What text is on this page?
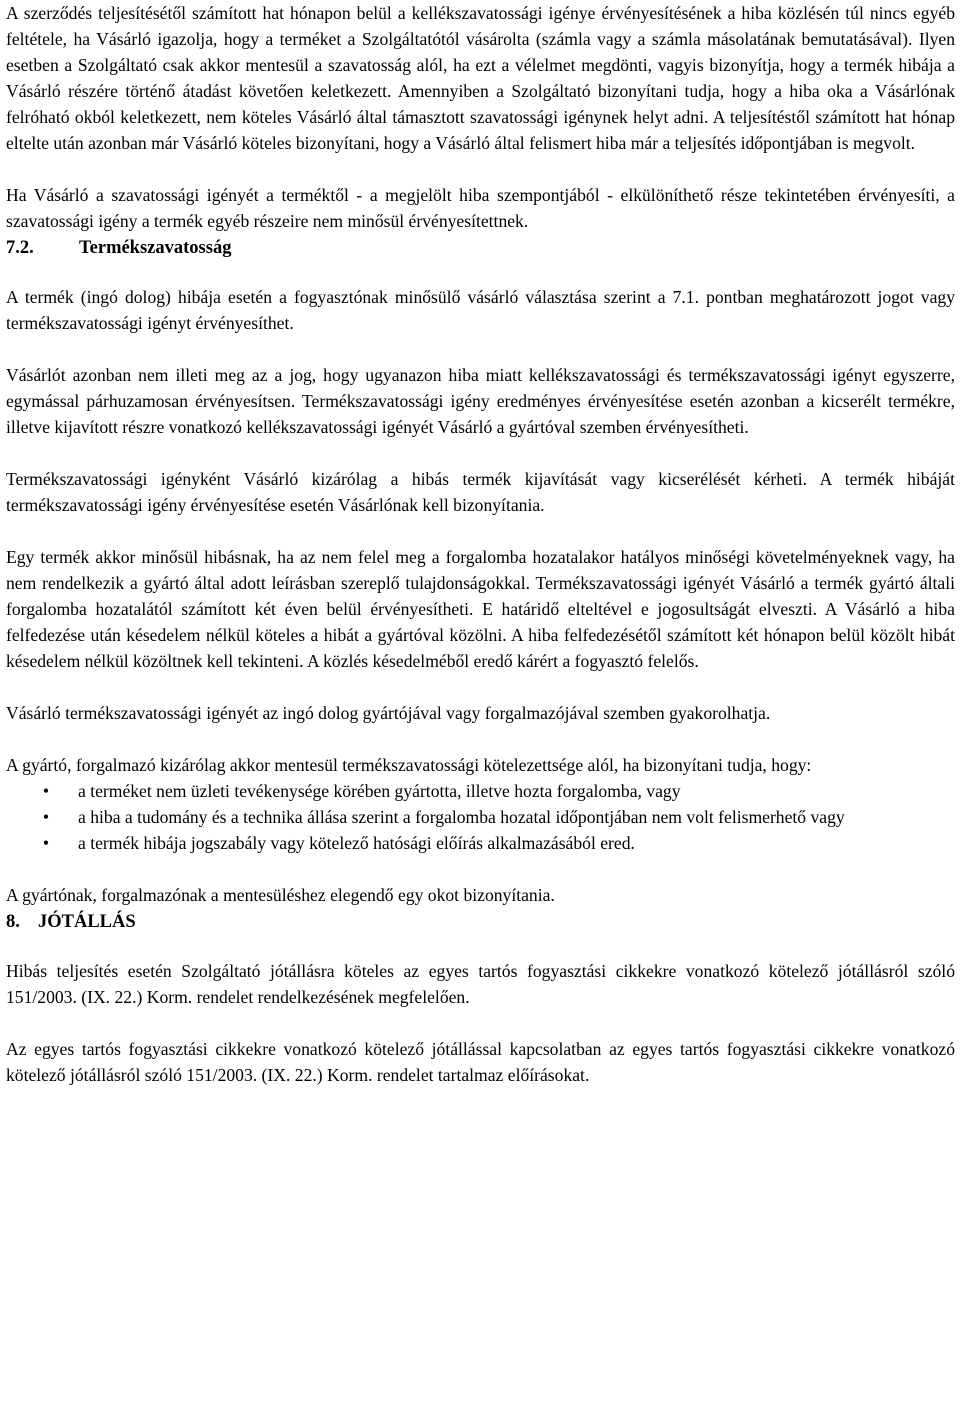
A szerződés teljesítésétől számított hat hónapon belül a kellékszavatossági igénye érvényesítésének a hiba közlésén túl nincs egyéb feltétele, ha Vásárló igazolja, hogy a terméket a Szolgáltatótól vásárolta (számla vagy a számla másolatának bemutatásával). Ilyen esetben a Szolgáltató csak akkor mentesül a szavatosság alól, ha ezt a vélelmet megdönti, vagyis bizonyítja, hogy a termék hibája a Vásárló részére történő átadást követően keletkezett. Amennyiben a Szolgáltató bizonyítani tudja, hogy a hiba oka a Vásárlónak felróható okból keletkezett, nem köteles Vásárló által támasztott szavatossági igénynek helyt adni. A teljesítéstől számított hat hónap eltelte után azonban már Vásárló köteles bizonyítani, hogy a Vásárló által felismert hiba már a teljesítés időpontjában is megvolt.

Ha Vásárló a szavatossági igényét a terméktől - a megjelölt hiba szempontjából - elkülöníthető része tekintetében érvényesíti, a szavatossági igény a termék egyéb részeire nem minősül érvényesítettnek.

7.2. Termékszavatosság

A termék (ingó dolog) hibája esetén a fogyasztónak minősülő vásárló választása szerint a 7.1. pontban meghatározott jogot vagy termékszavatossági igényt érvényesíthet.

Vásárlót azonban nem illeti meg az a jog, hogy ugyanazon hiba miatt kellékszavatossági és termékszavatossági igényt egyszerre, egymással párhuzamosan érvényesítsen. Termékszavatossági igény eredményes érvényesítése esetén azonban a kicserélt termékre, illetve kijavított részre vonatkozó kellékszavatossági igényét Vásárló a gyártóval szemben érvényesítheti.

Termékszavatossági igényként Vásárló kizárólag a hibás termék kijavítását vagy kicserélését kérheti. A termék hibáját termékszavatossági igény érvényesítése esetén Vásárlónak kell bizonyítania.

Egy termék akkor minősül hibásnak, ha az nem felel meg a forgalomba hozatalakor hatályos minőségi követelményeknek vagy, ha nem rendelkezik a gyártó által adott leírásban szereplő tulajdonságokkal. Termékszavatossági igényét Vásárló a termék gyártó általi forgalomba hozatalától számított két éven belül érvényesítheti. E határidő elteltével e jogosultságát elveszti. A Vásárló a hiba felfedezése után késedelem nélkül köteles a hibát a gyártóval közölni. A hiba felfedezésétől számított két hónapon belül közölt hibát késedelem nélkül közöltnek kell tekinteni. A közlés késedelméből eredő kárért a fogyasztó felelős.

Vásárló termékszavatossági igényét az ingó dolog gyártójával vagy forgalmazójával szemben gyakorolhatja.

A gyártó, forgalmazó kizárólag akkor mentesül termékszavatossági kötelezettsége alól, ha bizonyítani tudja, hogy:

• a terméket nem üzleti tevékenysége körében gyártotta, illetve hozta forgalomba, vagy
• a hiba a tudomány és a technika állása szerint a forgalomba hozatal időpontjában nem volt felismerhető vagy
• a termék hibája jogszabály vagy kötelező hatósági előírás alkalmazásából ered.

A gyártónak, forgalmazónak a mentesüléshez elegendő egy okot bizonyítania.

8. JÓTÁLLÁS

Hibás teljesítés esetén Szolgáltató jótállásra köteles az egyes tartós fogyasztási cikkekre vonatkozó kötelező jótállásról szóló 151/2003. (IX. 22.) Korm. rendelet rendelkezésének megfelelően.

Az egyes tartós fogyasztási cikkekre vonatkozó kötelező jótállással kapcsolatban az egyes tartós fogyasztási cikkekre vonatkozó kötelező jótállásról szóló 151/2003. (IX. 22.) Korm. rendelet tartalmaz előírásokat.
